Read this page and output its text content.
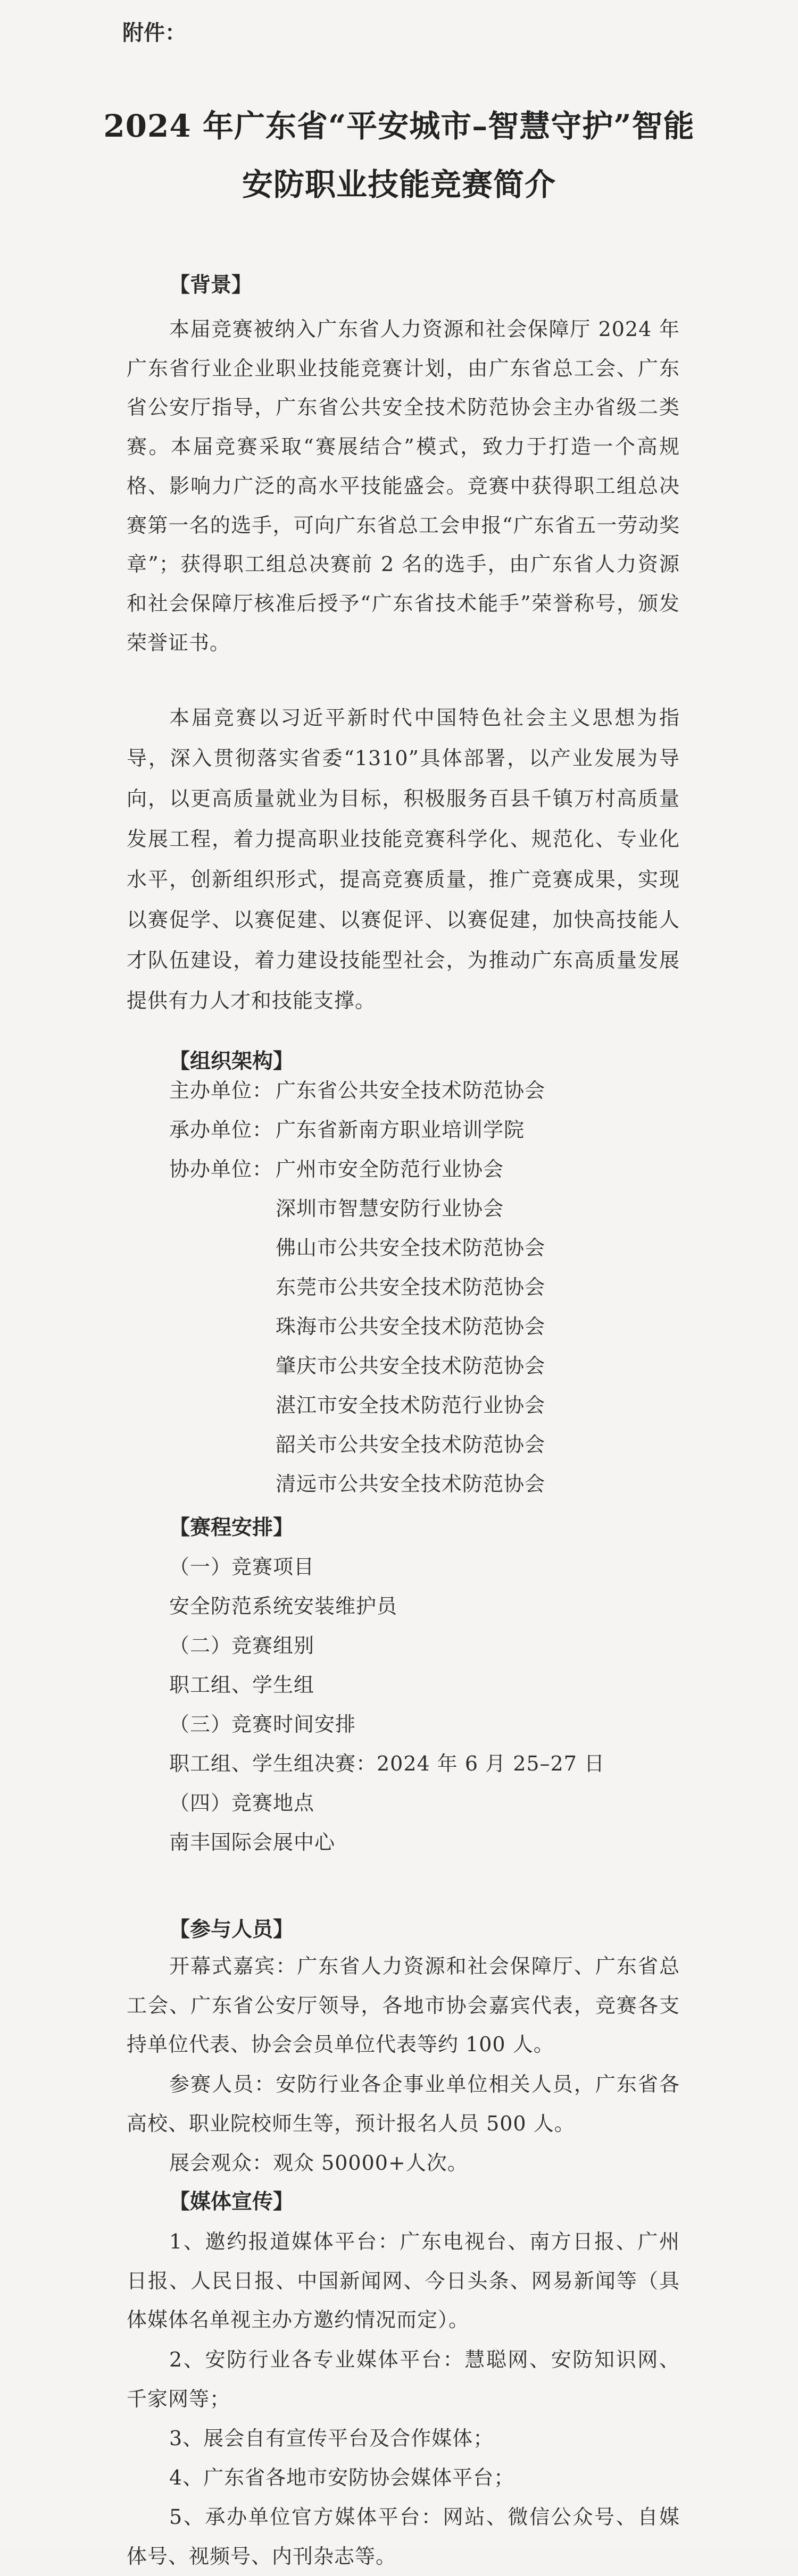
附件：
2024 年广东省“平安城市–智慧守护”智能
安防职业技能竞赛简介
【背景】
本届竞赛被纳入广东省人力资源和社会保障厅 2024 年广东省行业企业职业技能竞赛计划，由广东省总工会、广东省公安厅指导，广东省公共安全技术防范协会主办省级二类赛。本届竞赛采取“赛展结合”模式，致力于打造一个高规格、影响力广泛的高水平技能盛会。竞赛中获得职工组总决赛第一名的选手，可向广东省总工会申报“广东省五一劳动奖章”；获得职工组总决赛前 2 名的选手，由广东省人力资源和社会保障厅核准后授予“广东省技术能手”荣誉称号，颁发荣誉证书。
本届竞赛以习近平新时代中国特色社会主义思想为指导，深入贯彻落实省委“1310”具体部署，以产业发展为导向，以更高质量就业为目标，积极服务百县千镇万村高质量发展工程，着力提高职业技能竞赛科学化、规范化、专业化水平，创新组织形式，提高竞赛质量，推广竞赛成果，实现以赛促学、以赛促建、以赛促评、以赛促建，加快高技能人才队伍建设，着力建设技能型社会，为推动广东高质量发展提供有力人才和技能支撑。
【组织架构】
主办单位： 广东省公共安全技术防范协会
承办单位： 广东省新南方职业培训学院
协办单位： 广州市安全防范行业协会
深圳市智慧安防行业协会
佛山市公共安全技术防范协会
东莞市公共安全技术防范协会
珠海市公共安全技术防范协会
肇庆市公共安全技术防范协会
湛江市安全技术防范行业协会
韶关市公共安全技术防范协会
清远市公共安全技术防范协会
【赛程安排】
（一）竞赛项目
安全防范系统安装维护员
（二）竞赛组别
职工组、学生组
（三）竞赛时间安排
职工组、学生组决赛：2024 年 6 月 25–27 日
（四）竞赛地点
南丰国际会展中心
【参与人员】
开幕式嘉宾：广东省人力资源和社会保障厅、广东省总工会、广东省公安厅领导，各地市协会嘉宾代表，竞赛各支持单位代表、协会会员单位代表等约 100 人。
参赛人员：安防行业各企事业单位相关人员，广东省各高校、职业院校师生等，预计报名人员 500 人。
展会观众：观众 50000+人次。
【媒体宣传】
1、邀约报道媒体平台：广东电视台、南方日报、广州日报、人民日报、中国新闻网、今日头条、网易新闻等（具体媒体名单视主办方邀约情况而定）。
2、安防行业各专业媒体平台：慧聪网、安防知识网、千家网等；
3、展会自有宣传平台及合作媒体；
4、广东省各地市安防协会媒体平台；
5、承办单位官方媒体平台：网站、微信公众号、自媒体号、视频号、内刊杂志等。
